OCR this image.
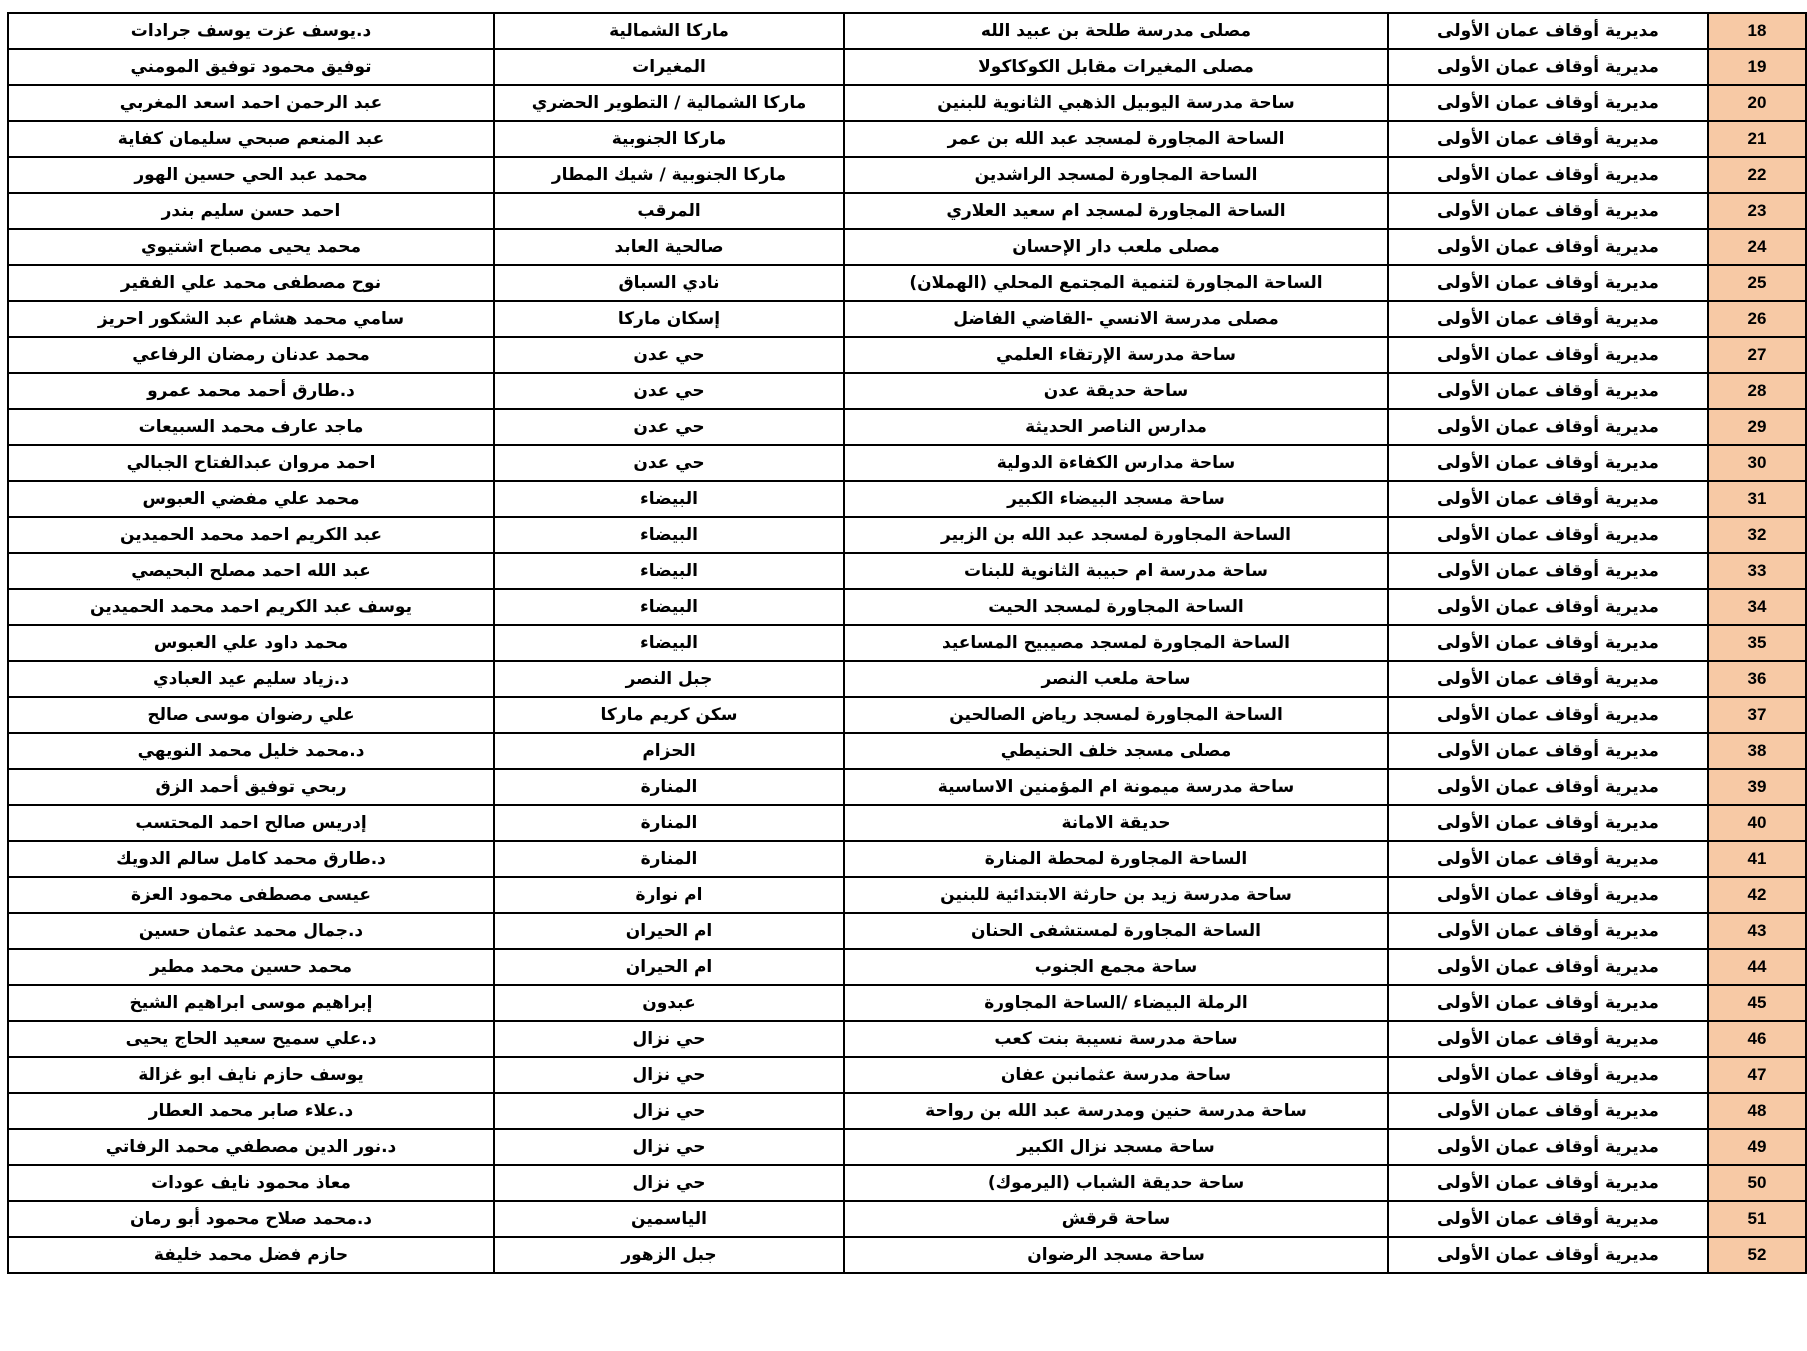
د.يوسف عزت يوسف جرادات	ماركا الشمالية	مصلى مدرسة طلحة بن عبيد الله	مديرية أوقاف عمان الأولى	18
توفيق محمود توفيق المومني	المغيرات	مصلى المغيرات مقابل الكوكاكولا	مديرية أوقاف عمان الأولى	19
عبد الرحمن احمد اسعد المغربي	ماركا الشمالية / التطوير الحضري	ساحة مدرسة اليوبيل الذهبي الثانوية للبنين	مديرية أوقاف عمان الأولى	20
عبد المنعم صبحي سليمان كفاية	ماركا الجنوبية	الساحة المجاورة لمسجد عبد الله بن عمر	مديرية أوقاف عمان الأولى	21
محمد عبد الحي حسين الهور	ماركا الجنوبية / شيك المطار	الساحة المجاورة لمسجد الراشدين	مديرية أوقاف عمان الأولى	22
احمد حسن سليم بندر	المرقب	الساحة المجاورة لمسجد ام سعيد العلاري	مديرية أوقاف عمان الأولى	23
محمد يحيى مصباح اشتيوي	صالحية العابد	مصلى ملعب دار الإحسان	مديرية أوقاف عمان الأولى	24
نوح مصطفى محمد علي الفقير	نادي السباق	الساحة المجاورة لتنمية المجتمع المحلي (الهملان)	مديرية أوقاف عمان الأولى	25
سامي محمد هشام عبد الشكور احريز	إسكان ماركا	مصلى مدرسة الانسي -القاضي الفاضل	مديرية أوقاف عمان الأولى	26
محمد عدنان رمضان الرفاعي	حي عدن	ساحة مدرسة الإرتقاء العلمي	مديرية أوقاف عمان الأولى	27
د.طارق أحمد محمد عمرو	حي عدن	ساحة حديقة عدن	مديرية أوقاف عمان الأولى	28
ماجد عارف محمد السبيعات	حي عدن	مدارس الناصر الحديثة	مديرية أوقاف عمان الأولى	29
احمد مروان عبدالفتاح الجبالي	حي عدن	ساحة مدارس الكفاءة الدولية	مديرية أوقاف عمان الأولى	30
محمد علي مفضي العبوس	البيضاء	ساحة مسجد البيضاء الكبير	مديرية أوقاف عمان الأولى	31
عبد الكريم احمد محمد الحميدين	البيضاء	الساحة المجاورة لمسجد عبد الله بن الزبير	مديرية أوقاف عمان الأولى	32
عبد الله احمد مصلح البحيصي	البيضاء	ساحة مدرسة ام حبيبة الثانوية للبنات	مديرية أوقاف عمان الأولى	33
يوسف عبد الكريم احمد محمد الحميدين	البيضاء	الساحة المجاورة لمسجد الحيت	مديرية أوقاف عمان الأولى	34
محمد داود علي العبوس	البيضاء	الساحة المجاورة لمسجد مصيبيح المساعيد	مديرية أوقاف عمان الأولى	35
د.زياد سليم عيد العبادي	جبل النصر	ساحة ملعب النصر	مديرية أوقاف عمان الأولى	36
علي رضوان موسى صالح	سكن كريم ماركا	الساحة المجاورة لمسجد رياض الصالحين	مديرية أوقاف عمان الأولى	37
د.محمد خليل محمد النويهي	الحزام	مصلى مسجد خلف الحنيطي	مديرية أوقاف عمان الأولى	38
ربحي توفيق أحمد الزق	المنارة	ساحة مدرسة ميمونة ام المؤمنين الاساسية	مديرية أوقاف عمان الأولى	39
إدريس صالح احمد المحتسب	المنارة	حديقة الامانة	مديرية أوقاف عمان الأولى	40
د.طارق محمد كامل سالم الدويك	المنارة	الساحة المجاورة لمحطة المنارة	مديرية أوقاف عمان الأولى	41
عيسى مصطفى محمود العزة	ام نوارة	ساحة مدرسة زيد بن حارثة الابتدائية للبنين	مديرية أوقاف عمان الأولى	42
د.جمال محمد عثمان حسين	ام الحيران	الساحة المجاورة لمستشفى الحنان	مديرية أوقاف عمان الأولى	43
محمد حسين محمد مطير	ام الحيران	ساحة مجمع الجنوب	مديرية أوقاف عمان الأولى	44
إبراهيم موسى ابراهيم الشيخ	عبدون	الرملة البيضاء /الساحة المجاورة	مديرية أوقاف عمان الأولى	45
د.علي سميح سعيد الحاج يحيى	حي نزال	ساحة مدرسة نسيبة بنت كعب	مديرية أوقاف عمان الأولى	46
يوسف حازم نايف ابو غزالة	حي نزال	ساحة مدرسة عثمانبن عفان	مديرية أوقاف عمان الأولى	47
د.علاء صابر محمد العطار	حي نزال	ساحة مدرسة حنين ومدرسة عبد الله بن رواحة	مديرية أوقاف عمان الأولى	48
د.نور الدين مصطفي محمد الرفاتي	حي نزال	ساحة مسجد نزال الكبير	مديرية أوقاف عمان الأولى	49
معاذ محمود نايف عودات	حي نزال	ساحة حديقة الشباب (اليرموك)	مديرية أوقاف عمان الأولى	50
د.محمد صلاح محمود أبو رمان	الياسمين	ساحة قرقش	مديرية أوقاف عمان الأولى	51
حازم فضل محمد خليفة	جبل الزهور	ساحة مسجد الرضوان	مديرية أوقاف عمان الأولى	52
